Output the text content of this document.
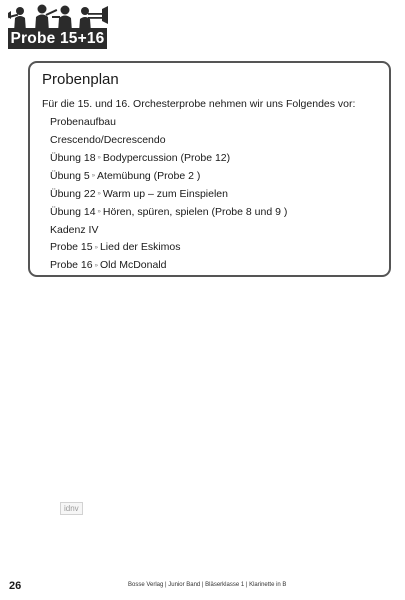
Probe 15+16
Probenplan

Für die 15. und 16. Orchesterprobe nehmen wir uns Folgendes vor:

Probenaufbau
Crescendo/Decrescendo
Übung 18 » Bodypercussion (Probe 12)
Übung 5 » Atemübung (Probe 2 )
Übung 22 » Warm up – zum Einspielen
Übung 14 » Hören, spüren, spielen (Probe 8 und 9 )
Kadenz IV
Probe 15 » Lied der Eskimos
Probe 16 » Old McDonald
idnv
26	Bosse Verlag | Junior Band | Bläserklasse 1 | Klarinette in B
